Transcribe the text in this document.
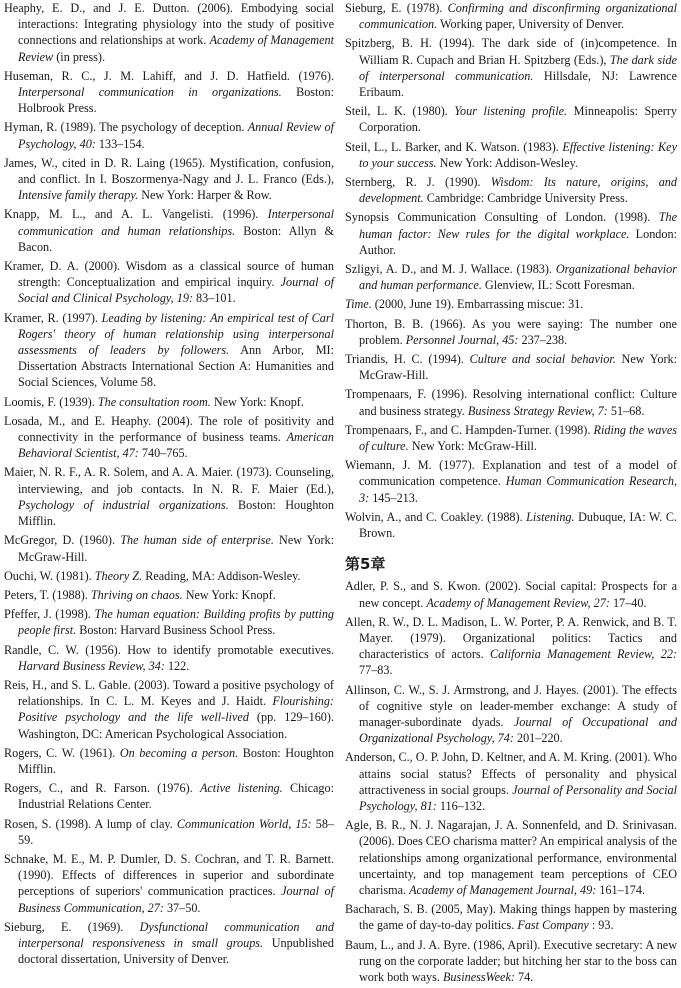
Heaphy, E. D., and J. E. Dutton. (2006). Embodying social interactions: Integrating physiology into the study of positive connections and relationships at work. Academy of Management Review (in press).
Huseman, R. C., J. M. Lahiff, and J. D. Hatfield. (1976). Interpersonal communication in organizations. Boston: Holbrook Press.
Hyman, R. (1989). The psychology of deception. Annual Review of Psychology, 40: 133–154.
James, W., cited in D. R. Laing (1965). Mystification, confusion, and conflict. In I. Boszormenya-Nagy and J. L. Franco (Eds.), Intensive family therapy. New York: Harper & Row.
Knapp, M. L., and A. L. Vangelisti. (1996). Interpersonal communication and human relationships. Boston: Allyn & Bacon.
Kramer, D. A. (2000). Wisdom as a classical source of human strength: Conceptualization and empirical inquiry. Journal of Social and Clinical Psychology, 19: 83–101.
Kramer, R. (1997). Leading by listening: An empirical test of Carl Rogers' theory of human relationship using interpersonal assessments of leaders by followers. Ann Arbor, MI: Dissertation Abstracts International Section A: Humanities and Social Sciences, Volume 58.
Loomis, F. (1939). The consultation room. New York: Knopf.
Losada, M., and E. Heaphy. (2004). The role of positivity and connectivity in the performance of business teams. American Behavioral Scientist, 47: 740–765.
Maier, N. R. F., A. R. Solem, and A. A. Maier. (1973). Counseling, interviewing, and job contacts. In N. R. F. Maier (Ed.), Psychology of industrial organizations. Boston: Houghton Mifflin.
McGregor, D. (1960). The human side of enterprise. New York: McGraw-Hill.
Ouchi, W. (1981). Theory Z. Reading, MA: Addison-Wesley.
Peters, T. (1988). Thriving on chaos. New York: Knopf.
Pfeffer, J. (1998). The human equation: Building profits by putting people first. Boston: Harvard Business School Press.
Randle, C. W. (1956). How to identify promotable executives. Harvard Business Review, 34: 122.
Reis, H., and S. L. Gable. (2003). Toward a positive psychology of relationships. In C. L. M. Keyes and J. Haidt. Flourishing: Positive psychology and the life well-lived (pp. 129–160). Washington, DC: American Psychological Association.
Rogers, C. W. (1961). On becoming a person. Boston: Houghton Mifflin.
Rogers, C., and R. Farson. (1976). Active listening. Chicago: Industrial Relations Center.
Rosen, S. (1998). A lump of clay. Communication World, 15: 58–59.
Schnake, M. E., M. P. Dumler, D. S. Cochran, and T. R. Barnett. (1990). Effects of differences in superior and subordinate perceptions of superiors' communication practices. Journal of Business Communication, 27: 37–50.
Sieburg, E. (1969). Dysfunctional communication and interpersonal responsiveness in small groups. Unpublished doctoral dissertation, University of Denver.
Sieburg, E. (1978). Confirming and disconfirming organizational communication. Working paper, University of Denver.
Spitzberg, B. H. (1994). The dark side of (in)competence. In William R. Cupach and Brian H. Spitzberg (Eds.), The dark side of interpersonal communication. Hillsdale, NJ: Lawrence Eribaum.
Steil, L. K. (1980). Your listening profile. Minneapolis: Sperry Corporation.
Steil, L., L. Barker, and K. Watson. (1983). Effective listening: Key to your success. New York: Addison-Wesley.
Sternberg, R. J. (1990). Wisdom: Its nature, origins, and development. Cambridge: Cambridge University Press.
Synopsis Communication Consulting of London. (1998). The human factor: New rules for the digital workplace. London: Author.
Szligyi, A. D., and M. J. Wallace. (1983). Organizational behavior and human performance. Glenview, IL: Scott Foresman.
Time. (2000, June 19). Embarrassing miscue: 31.
Thorton, B. B. (1966). As you were saying: The number one problem. Personnel Journal, 45: 237–238.
Triandis, H. C. (1994). Culture and social behavior. New York: McGraw-Hill.
Trompenaars, F. (1996). Resolving international conflict: Culture and business strategy. Business Strategy Review, 7: 51–68.
Trompenaars, F., and C. Hampden-Turner. (1998). Riding the waves of culture. New York: McGraw-Hill.
Wiemann, J. M. (1977). Explanation and test of a model of communication competence. Human Communication Research, 3: 145–213.
Wolvin, A., and C. Coakley. (1988). Listening. Dubuque, IA: W. C. Brown.
第5章
Adler, P. S., and S. Kwon. (2002). Social capital: Prospects for a new concept. Academy of Management Review, 27: 17–40.
Allen, R. W., D. L. Madison, L. W. Porter, P. A. Renwick, and B. T. Mayer. (1979). Organizational politics: Tactics and characteristics of actors. California Management Review, 22: 77–83.
Allinson, C. W., S. J. Armstrong, and J. Hayes. (2001). The effects of cognitive style on leader-member exchange: A study of manager-subordinate dyads. Journal of Occupational and Organizational Psychology, 74: 201–220.
Anderson, C., O. P. John, D. Keltner, and A. M. Kring. (2001). Who attains social status? Effects of personality and physical attractiveness in social groups. Journal of Personality and Social Psychology, 81: 116–132.
Agle, B. R., N. J. Nagarajan, J. A. Sonnenfeld, and D. Srinivasan. (2006). Does CEO charisma matter? An empirical analysis of the relationships among organizational performance, environmental uncertainty, and top management team perceptions of CEO charisma. Academy of Management Journal, 49: 161–174.
Bacharach, S. B. (2005, May). Making things happen by mastering the game of day-to-day politics. Fast Company : 93.
Baum, L., and J. A. Byre. (1986, April). Executive secretary: A new rung on the corporate ladder; but hitching her star to the boss can work both ways. BusinessWeek: 74.
